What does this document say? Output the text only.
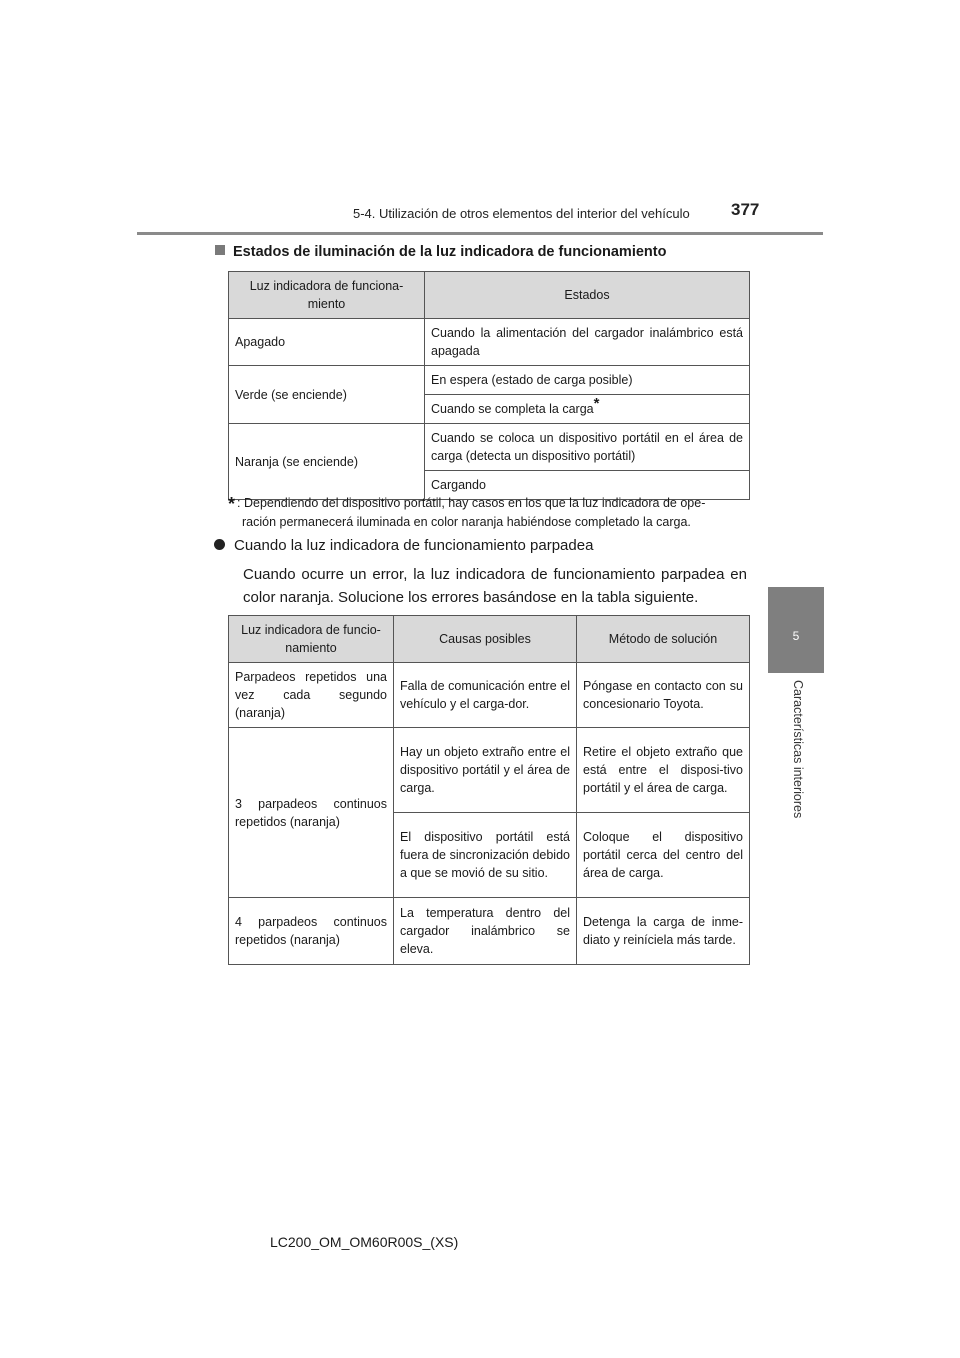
5-4. Utilización de otros elementos del interior del vehículo 377
5
Características interiores
Estados de iluminación de la luz indicadora de funcionamiento
Luz indicadora de funciona-miento	Estados
Apagado	Cuando la alimentación del cargador inalámbrico está apagada
Verde (se enciende)	En espera (estado de carga posible)
	Cuando se completa la carga*
Naranja (se enciende)	Cuando se coloca un dispositivo portátil en el área de carga (detecta un dispositivo portátil)
	Cargando
* : Dependiendo del dispositivo portátil, hay casos en los que la luz indicadora de ope-
ración permanecerá iluminada en color naranja habiéndose completado la carga.
Cuando la luz indicadora de funcionamiento parpadea
Cuando ocurre un error, la luz indicadora de funcionamiento parpadea en color naranja. Solucione los errores basándose en la tabla siguiente.
Luz indicadora de funcio-namiento	Causas posibles	Método de solución
Parpadeos repetidos una vez cada segundo (naranja)	Falla de comunicación entre el vehículo y el carga-dor.	Póngase en contacto con su concesionario Toyota.
3 parpadeos continuos repetidos (naranja)	Hay un objeto extraño entre el dispositivo portátil y el área de carga.	Retire el objeto extraño que está entre el disposi-tivo portátil y el área de carga.
	El dispositivo portátil está fuera de sincronización debido a que se movió de su sitio.	Coloque el dispositivo portátil cerca del centro del área de carga.
4 parpadeos continuos repetidos (naranja)	La temperatura dentro del cargador inalámbrico se eleva.	Detenga la carga de inme-diato y reiníciela más tarde.
LC200_OM_OM60R00S_(XS)
